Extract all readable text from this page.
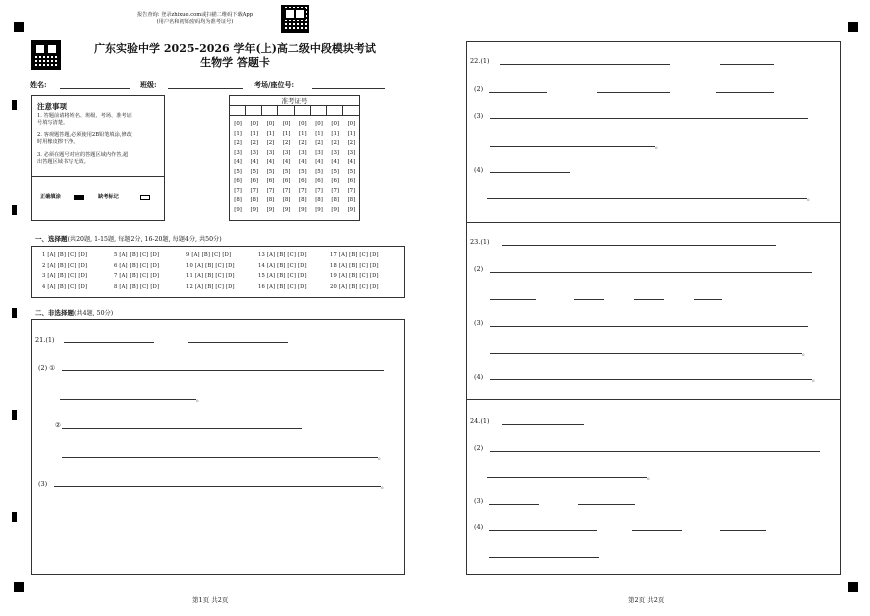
报告查询: 登录zhixue.com或扫描二维码下载App
(用户名和初始密码均为准考证号)
广东实验中学 2025-2026 学年(上)高二级中段模块考试
生物学 答题卡
姓名:	班级:	考场/座位号:
注意事项
1. 答题前请将姓名、班级、考场、准考证号填写清楚。
2. 客观题答题,必须使用2B铅笔填涂,修改时用橡皮擦干净。
3. 必须在题号对应的答题区域内作答,超出答题区域书写无效。
正确填涂	缺考标记
准考证号
[0]	[0]	[0]	[0]	[0]	[0]	[0]	[0]
[1]	[1]	[1]	[1]	[1]	[1]	[1]	[1]
[2]	[2]	[2]	[2]	[2]	[2]	[2]	[2]
[3]	[3]	[3]	[3]	[3]	[3]	[3]	[3]
[4]	[4]	[4]	[4]	[4]	[4]	[4]	[4]
[5]	[5]	[5]	[5]	[5]	[5]	[5]	[5]
[6]	[6]	[6]	[6]	[6]	[6]	[6]	[6]
[7]	[7]	[7]	[7]	[7]	[7]	[7]	[7]
[8]	[8]	[8]	[8]	[8]	[8]	[8]	[8]
[9]	[9]	[9]	[9]	[9]	[9]	[9]	[9]
一、选择题(共20题, 1-15题, 每题2分, 16-20题, 每题4分, 共50分)
1 [A] [B] [C] [D]	5 [A] [B] [C] [D]	9 [A] [B] [C] [D]	13 [A] [B] [C] [D]	17 [A] [B] [C] [D]
2 [A] [B] [C] [D]	6 [A] [B] [C] [D]	10 [A] [B] [C] [D]	14 [A] [B] [C] [D]	18 [A] [B] [C] [D]
3 [A] [B] [C] [D]	7 [A] [B] [C] [D]	11 [A] [B] [C] [D]	15 [A] [B] [C] [D]	19 [A] [B] [C] [D]
4 [A] [B] [C] [D]	8 [A] [B] [C] [D]	12 [A] [B] [C] [D]	16 [A] [B] [C] [D]	20 [A] [B] [C] [D]
二、非选择题(共4题, 50分)
21.(1)
(2) ①
。
②
。
(3)	。
第1页 共2页
22.(1)
(2)
(3)
。
(4)
。
23.(1)
(2)
(3)
。
(4)	。
24.(1)
(2)
。
(3)
(4)
第2页 共2页
